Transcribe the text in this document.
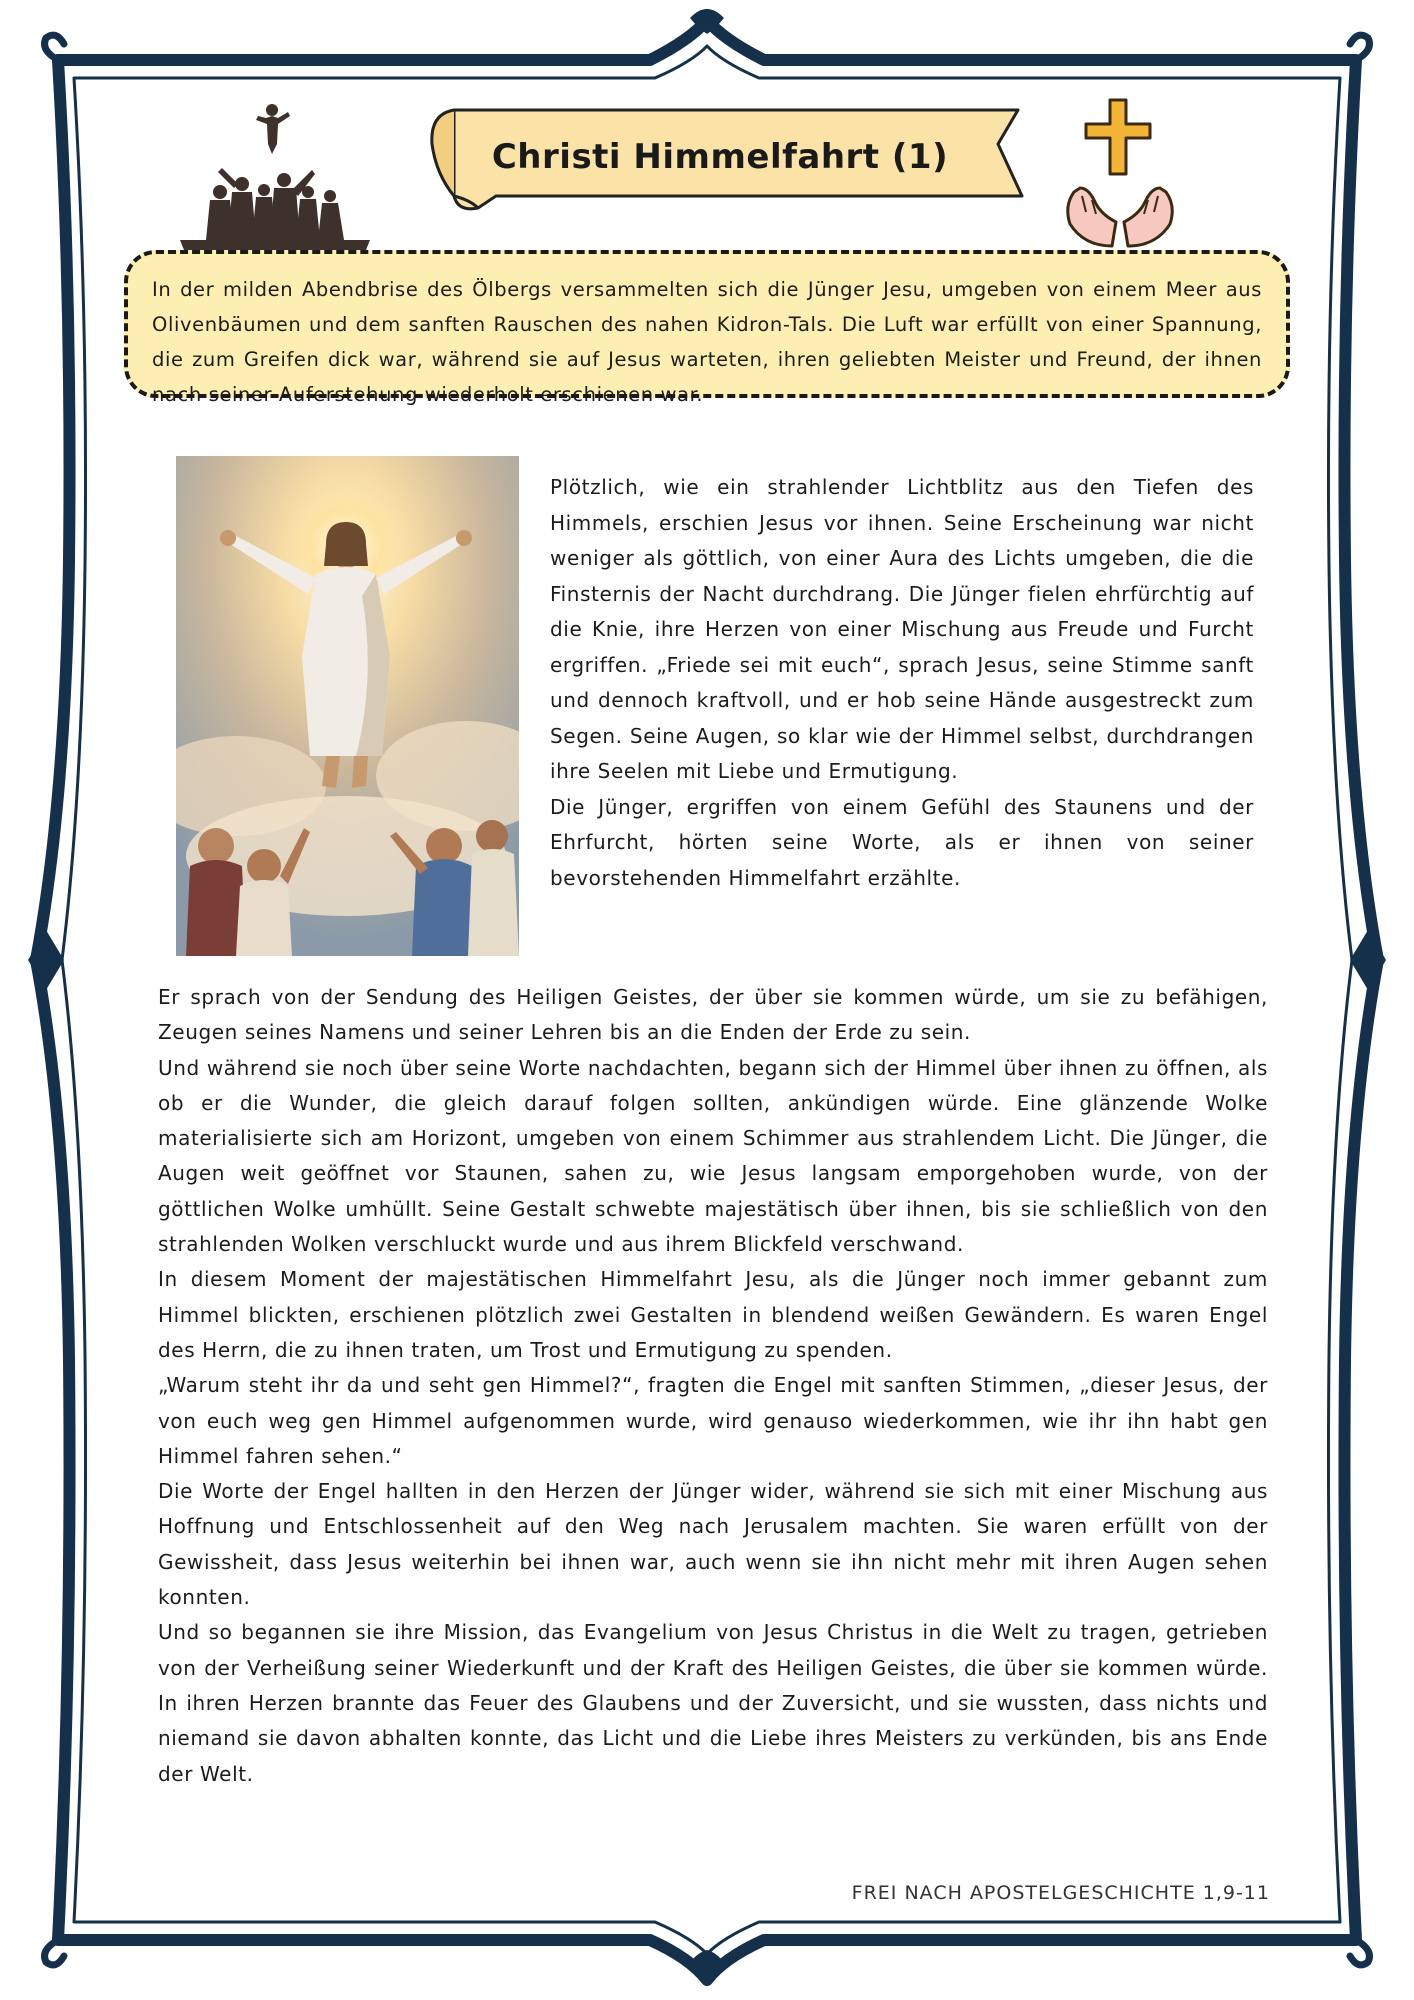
Christi Himmelfahrt (1)

In der milden Abendbrise des Ölbergs versammelten sich die Jünger Jesu, umgeben von einem Meer aus Olivenbäumen und dem sanften Rauschen des nahen Kidron-Tals. Die Luft war erfüllt von einer Spannung, die zum Greifen dick war, während sie auf Jesus warteten, ihren geliebten Meister und Freund, der ihnen nach seiner Auferstehung wiederholt erschienen war.

Plötzlich, wie ein strahlender Lichtblitz aus den Tiefen des Himmels, erschien Jesus vor ihnen. Seine Erscheinung war nicht weniger als göttlich, von einer Aura des Lichts umgeben, die die Finsternis der Nacht durchdrang. Die Jünger fielen ehrfürchtig auf die Knie, ihre Herzen von einer Mischung aus Freude und Furcht ergriffen. „Friede sei mit euch“, sprach Jesus, seine Stimme sanft und dennoch kraftvoll, und er hob seine Hände ausgestreckt zum Segen. Seine Augen, so klar wie der Himmel selbst, durchdrangen ihre Seelen mit Liebe und Ermutigung.

Die Jünger, ergriffen von einem Gefühl des Staunens und der Ehrfurcht, hörten seine Worte, als er ihnen von seiner bevorstehenden Himmelfahrt erzählte.

Er sprach von der Sendung des Heiligen Geistes, der über sie kommen würde, um sie zu befähigen, Zeugen seines Namens und seiner Lehren bis an die Enden der Erde zu sein.

Und während sie noch über seine Worte nachdachten, begann sich der Himmel über ihnen zu öffnen, als ob er die Wunder, die gleich darauf folgen sollten, ankündigen würde. Eine glänzende Wolke materialisierte sich am Horizont, umgeben von einem Schimmer aus strahlendem Licht. Die Jünger, die Augen weit geöffnet vor Staunen, sahen zu, wie Jesus langsam emporgehoben wurde, von der göttlichen Wolke umhüllt. Seine Gestalt schwebte majestätisch über ihnen, bis sie schließlich von den strahlenden Wolken verschluckt wurde und aus ihrem Blickfeld verschwand.

In diesem Moment der majestätischen Himmelfahrt Jesu, als die Jünger noch immer gebannt zum Himmel blickten, erschienen plötzlich zwei Gestalten in blendend weißen Gewändern. Es waren Engel des Herrn, die zu ihnen traten, um Trost und Ermutigung zu spenden.

„Warum steht ihr da und seht gen Himmel?“, fragten die Engel mit sanften Stimmen, „dieser Jesus, der von euch weg gen Himmel aufgenommen wurde, wird genauso wiederkommen, wie ihr ihn habt gen Himmel fahren sehen.“

Die Worte der Engel hallten in den Herzen der Jünger wider, während sie sich mit einer Mischung aus Hoffnung und Entschlossenheit auf den Weg nach Jerusalem machten. Sie waren erfüllt von der Gewissheit, dass Jesus weiterhin bei ihnen war, auch wenn sie ihn nicht mehr mit ihren Augen sehen konnten.

Und so begannen sie ihre Mission, das Evangelium von Jesus Christus in die Welt zu tragen, getrieben von der Verheißung seiner Wiederkunft und der Kraft des Heiligen Geistes, die über sie kommen würde. In ihren Herzen brannte das Feuer des Glaubens und der Zuversicht, und sie wussten, dass nichts und niemand sie davon abhalten konnte, das Licht und die Liebe ihres Meisters zu verkünden, bis ans Ende der Welt.

FREI NACH APOSTELGESCHICHTE 1,9-11
